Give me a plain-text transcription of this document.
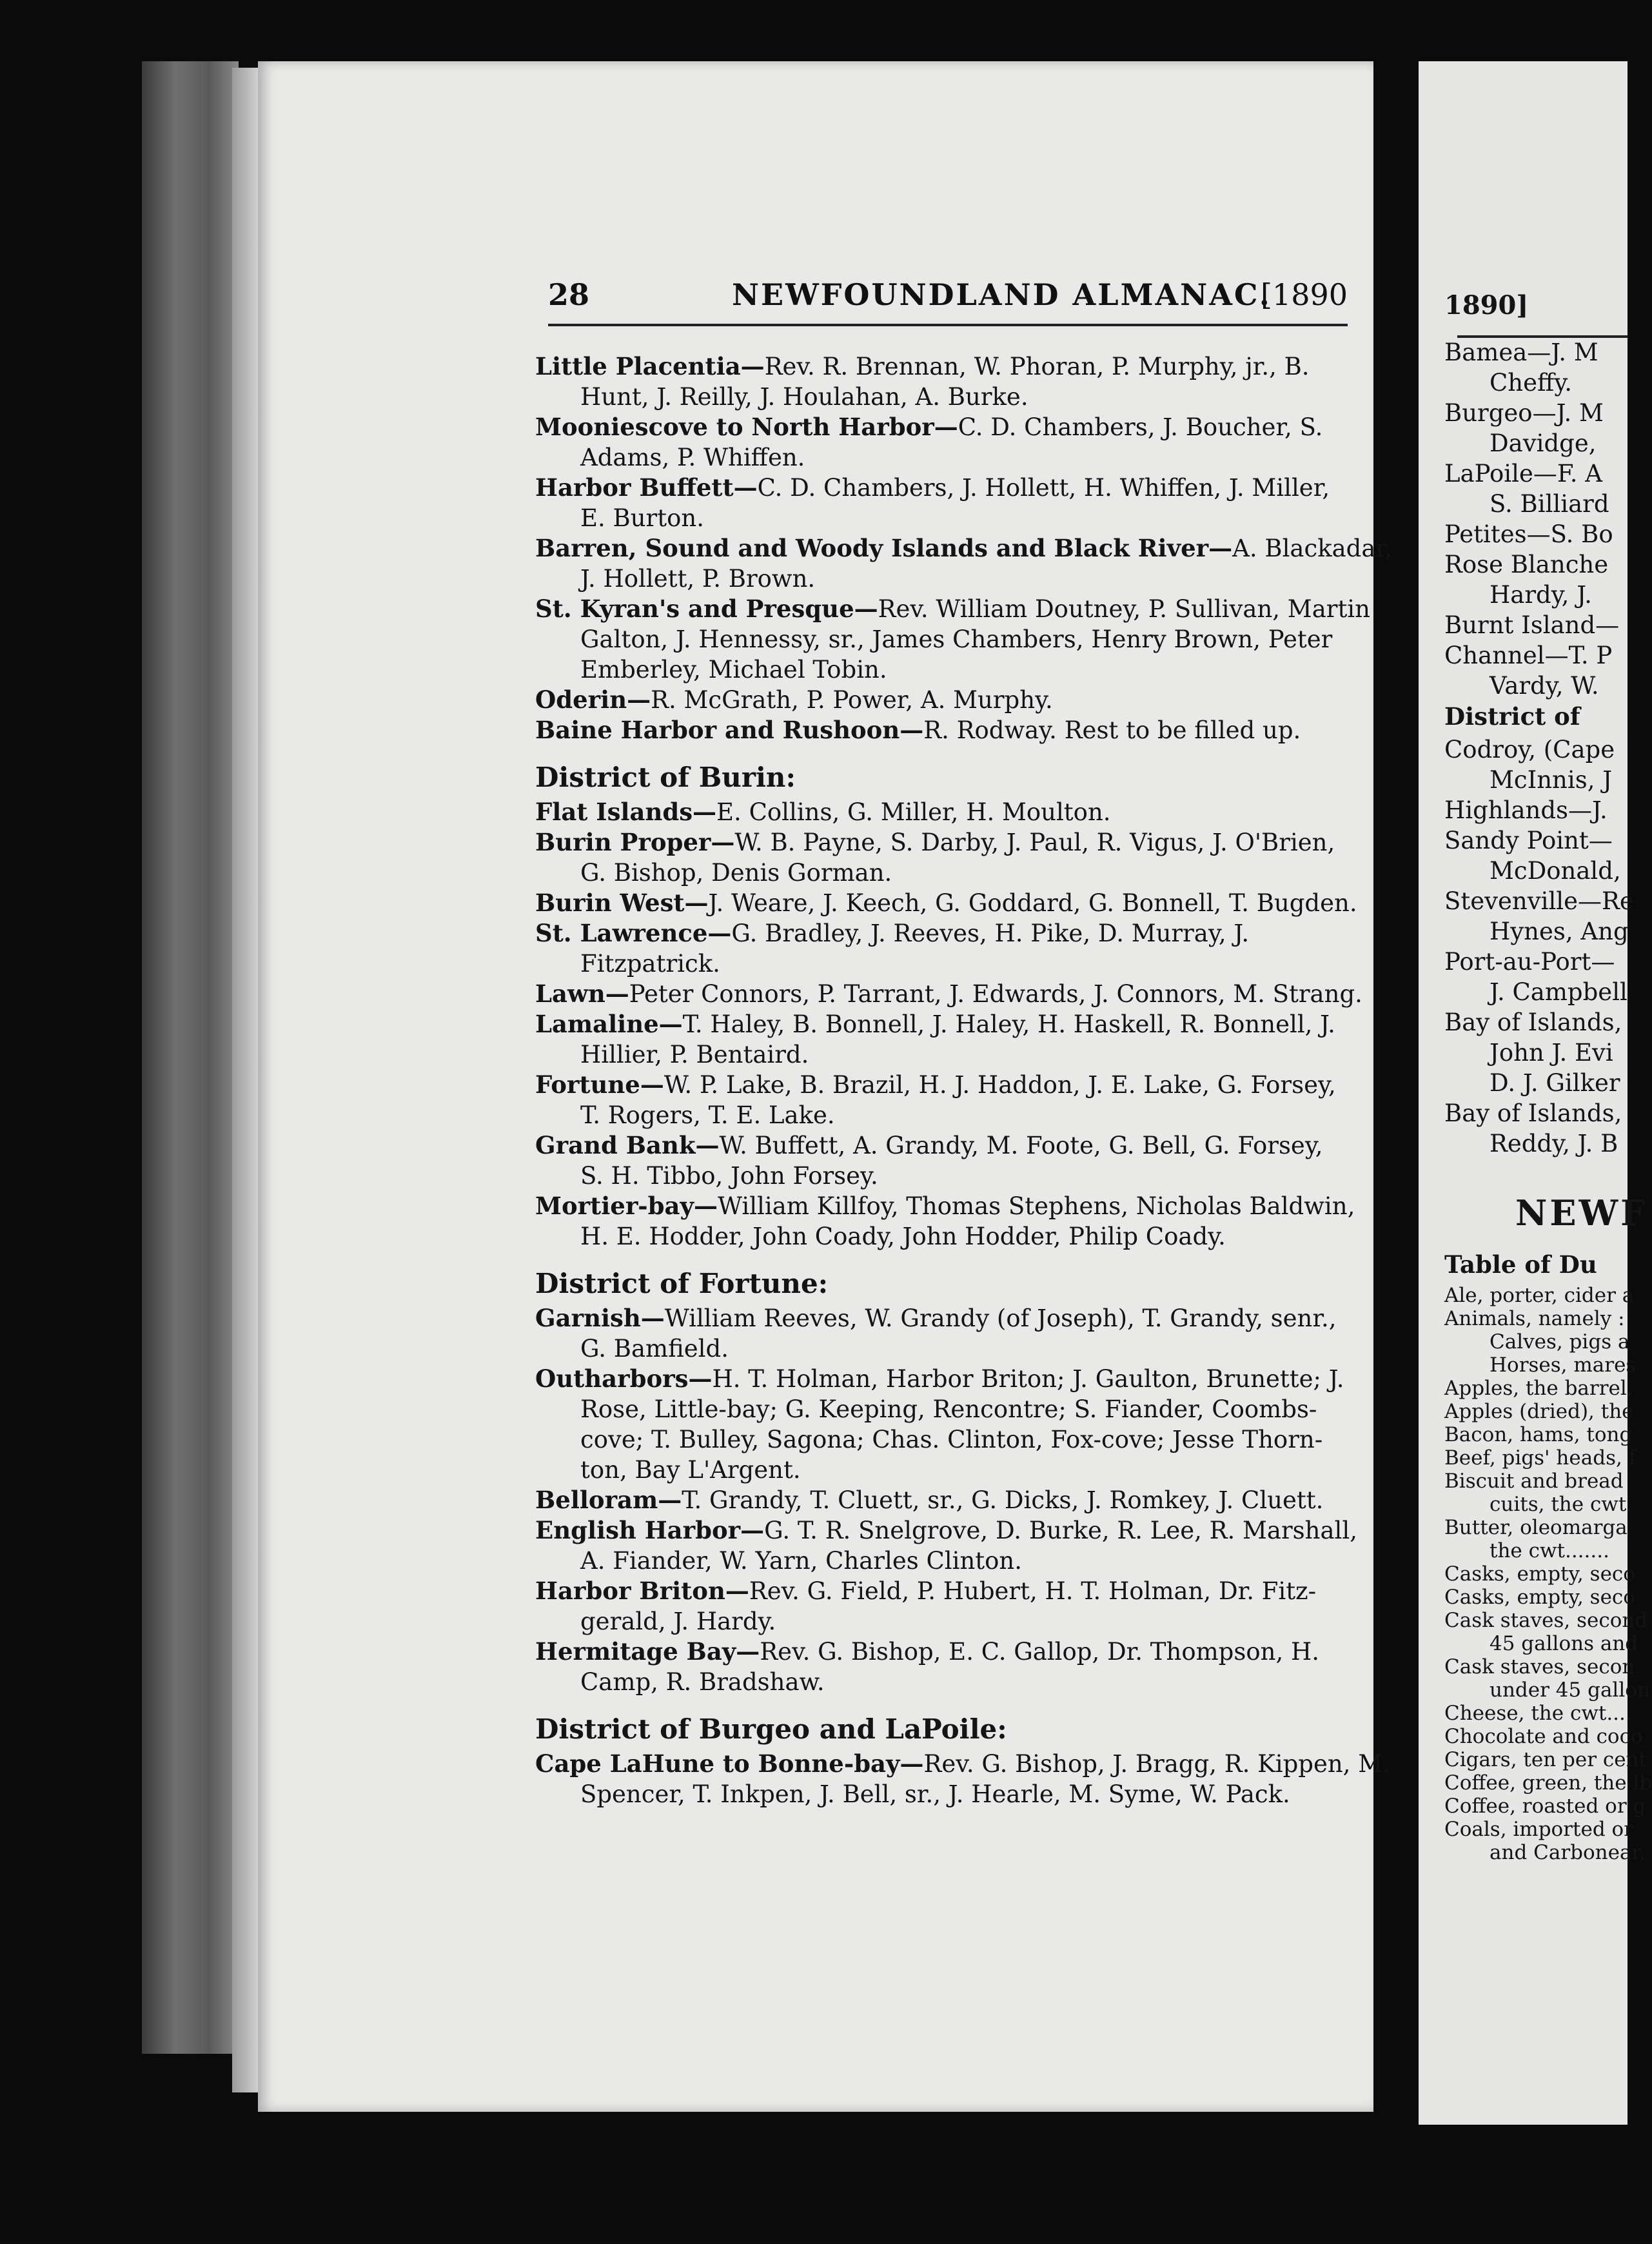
28	NEWFOUNDLAND ALMANAC.
[1890
Little Placentia—Rev. R. Brennan, W. Phoran, P. Murphy, jr., B.
Hunt, J. Reilly, J. Houlahan, A. Burke.
Mooniescove to North Harbor—C. D. Chambers, J. Boucher, S.
Adams, P. Whiffen.
Harbor Buffett—C. D. Chambers, J. Hollett, H. Whiffen, J. Miller,
E. Burton.
Barren, Sound and Woody Islands and Black River—A. Blackadar,
J. Hollett, P. Brown.
St. Kyran's and Presque—Rev. William Doutney, P. Sullivan, Martin
Galton, J. Hennessy, sr., James Chambers, Henry Brown, Peter
Emberley, Michael Tobin.
Oderin—R. McGrath, P. Power, A. Murphy.
Baine Harbor and Rushoon—R. Rodway. Rest to be filled up.
District of Burin:
Flat Islands—E. Collins, G. Miller, H. Moulton.
Burin Proper—W. B. Payne, S. Darby, J. Paul, R. Vigus, J. O'Brien,
G. Bishop, Denis Gorman.
Burin West—J. Weare, J. Keech, G. Goddard, G. Bonnell, T. Bugden.
St. Lawrence—G. Bradley, J. Reeves, H. Pike, D. Murray, J.
Fitzpatrick.
Lawn—Peter Connors, P. Tarrant, J. Edwards, J. Connors, M. Strang.
Lamaline—T. Haley, B. Bonnell, J. Haley, H. Haskell, R. Bonnell, J.
Hillier, P. Bentaird.
Fortune—W. P. Lake, B. Brazil, H. J. Haddon, J. E. Lake, G. Forsey,
T. Rogers, T. E. Lake.
Grand Bank—W. Buffett, A. Grandy, M. Foote, G. Bell, G. Forsey,
S. H. Tibbo, John Forsey.
Mortier-bay—William Killfoy, Thomas Stephens, Nicholas Baldwin,
H. E. Hodder, John Coady, John Hodder, Philip Coady.
District of Fortune:
Garnish—William Reeves, W. Grandy (of Joseph), T. Grandy, senr.,
G. Bamfield.
Outharbors—H. T. Holman, Harbor Briton; J. Gaulton, Brunette; J.
Rose, Little-bay; G. Keeping, Rencontre; S. Fiander, Coombs-
cove; T. Bulley, Sagona; Chas. Clinton, Fox-cove; Jesse Thorn-
ton, Bay L'Argent.
Belloram—T. Grandy, T. Cluett, sr., G. Dicks, J. Romkey, J. Cluett.
English Harbor—G. T. R. Snelgrove, D. Burke, R. Lee, R. Marshall,
A. Fiander, W. Yarn, Charles Clinton.
Harbor Briton—Rev. G. Field, P. Hubert, H. T. Holman, Dr. Fitz-
gerald, J. Hardy.
Hermitage Bay—Rev. G. Bishop, E. C. Gallop, Dr. Thompson, H.
Camp, R. Bradshaw.
District of Burgeo and LaPoile:
Cape LaHune to Bonne-bay—Rev. G. Bishop, J. Bragg, R. Kippen, M.
Spencer, T. Inkpen, J. Bell, sr., J. Hearle, M. Syme, W. Pack.
1890]
Bamea—J. M
Cheffy.
Burgeo—J. M
Davidge,
LaPoile—F. A
S. Billiard
Petites—S. Bo
Rose Blanche
Hardy, J.
Burnt Island—
Channel—T. P
Vardy, W.
District of
Codroy, (Cape
McInnis, J
Highlands—J.
Sandy Point—
McDonald,
Stevenville—Re
Hynes, Ang
Port-au-Port—
J. Campbell
Bay of Islands,
John J. Evi
D. J. Gilker
Bay of Islands,
Reddy, J. B
NEWF
Table of Du
Ale, porter, cider a
Animals, namely :
Calves, pigs a
Horses, mares
Apples, the barrel.
Apples (dried), the
Bacon, hams, tong
Beef, pigs' heads, f
Biscuit and bread
cuits, the cwt.
Butter, oleomarga
the cwt.......
Casks, empty, seco
Casks, empty, seco
Cask staves, second
45 gallons and
Cask staves, secon
under 45 gallon
Cheese, the cwt....
Chocolate and coco
Cigars, ten per cent
Coffee, green, the lb
Coffee, roasted or g
Coals, imported or
and Carbonear,
